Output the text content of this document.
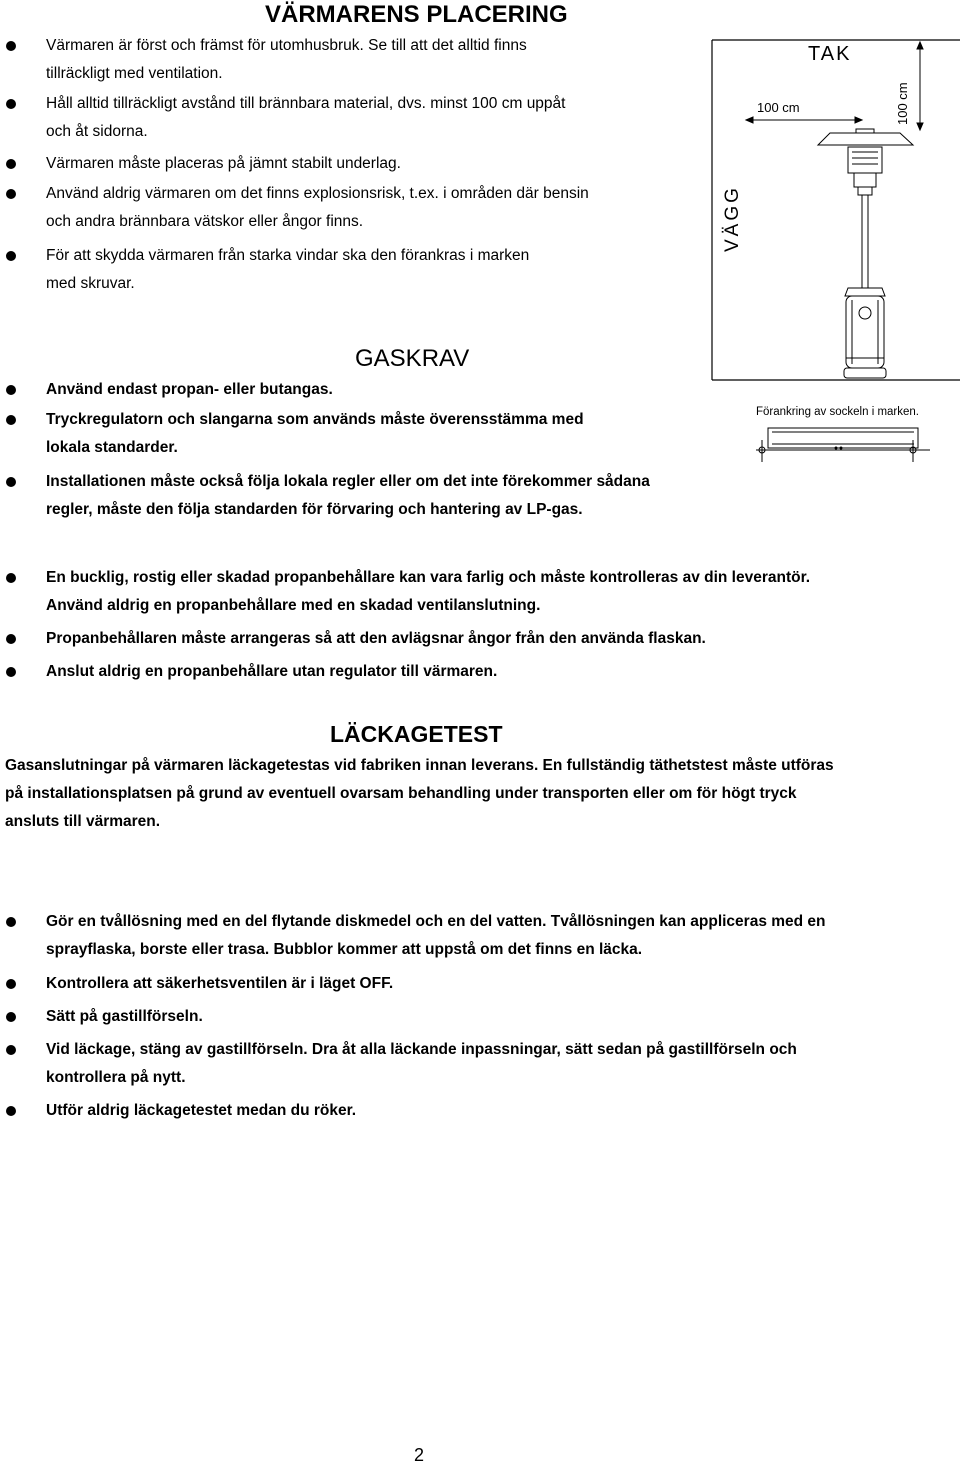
VÄRMARENS PLACERING
Värmaren är först och främst för utomhusbruk. Se till att det alltid finns
tillräckligt med ventilation.
Håll alltid tillräckligt avstånd till brännbara material, dvs. minst 100 cm uppåt
och åt sidorna.
Värmaren måste placeras på jämnt stabilt underlag.
Använd aldrig värmaren om det finns explosionsrisk, t.ex. i områden där bensin
och andra brännbara vätskor eller ångor finns.
För att skydda värmaren från starka vindar ska den förankras i marken
med skruvar.
TAK
VÄGG
100 cm	100 cm
Förankring av sockeln i marken.
GASKRAV
Använd endast propan- eller butangas.
Tryckregulatorn och slangarna som används måste överensstämma med
lokala standarder.
Installationen måste också följa lokala regler eller om det inte förekommer sådana
regler, måste den följa standarden för förvaring och hantering av LP-gas.
En bucklig, rostig eller skadad propanbehållare kan vara farlig och måste kontrolleras av din leverantör.
Använd aldrig en propanbehållare med en skadad ventilanslutning.
Propanbehållaren måste arrangeras så att den avlägsnar ångor från den använda flaskan.
Anslut aldrig en propanbehållare utan regulator till värmaren.
LÄCKAGETEST
Gasanslutningar på värmaren läckagetestas vid fabriken innan leverans. En fullständig täthetstest måste utföras
på installationsplatsen på grund av eventuell ovarsam behandling under transporten eller om för högt tryck
ansluts till värmaren.
Gör en tvållösning med en del flytande diskmedel och en del vatten. Tvållösningen kan appliceras med en
sprayflaska, borste eller trasa. Bubblor kommer att uppstå om det finns en läcka.
Kontrollera att säkerhetsventilen är i läget OFF.
Sätt på gastillförseln.
Vid läckage, stäng av gastillförseln. Dra åt alla läckande inpassningar, sätt sedan på gastillförseln och
kontrollera på nytt.
Utför aldrig läckagetestet medan du röker.
2
